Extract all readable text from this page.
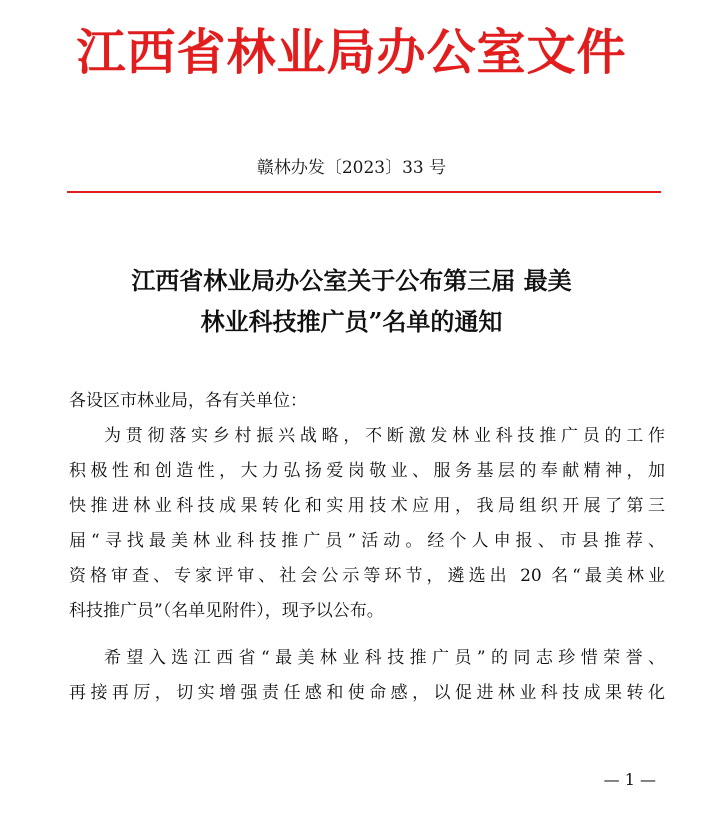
江西省林业局办公室文件
赣林办发〔2023〕33 号
江西省林业局办公室关于公布第三届 最美
林业科技推广员”名单的通知
各设区市林业局，各有关单位：
为贯彻落实乡村振兴战略，不断激发林业科技推广员的工作
积极性和创造性，大力弘扬爱岗敬业、服务基层的奉献精神，加
快推进林业科技成果转化和实用技术应用，我局组织开展了第三
届“寻找最美林业科技推广员”活动。经个人申报、市县推荐、
资格审查、专家评审、社会公示等环节，遴选出 20 名“最美林业
科技推广员”（名单见附件），现予以公布。
希望入选江西省“最美林业科技推广员”的同志珍惜荣誉、
再接再厉，切实增强责任感和使命感，以促进林业科技成果转化
— 1 —
